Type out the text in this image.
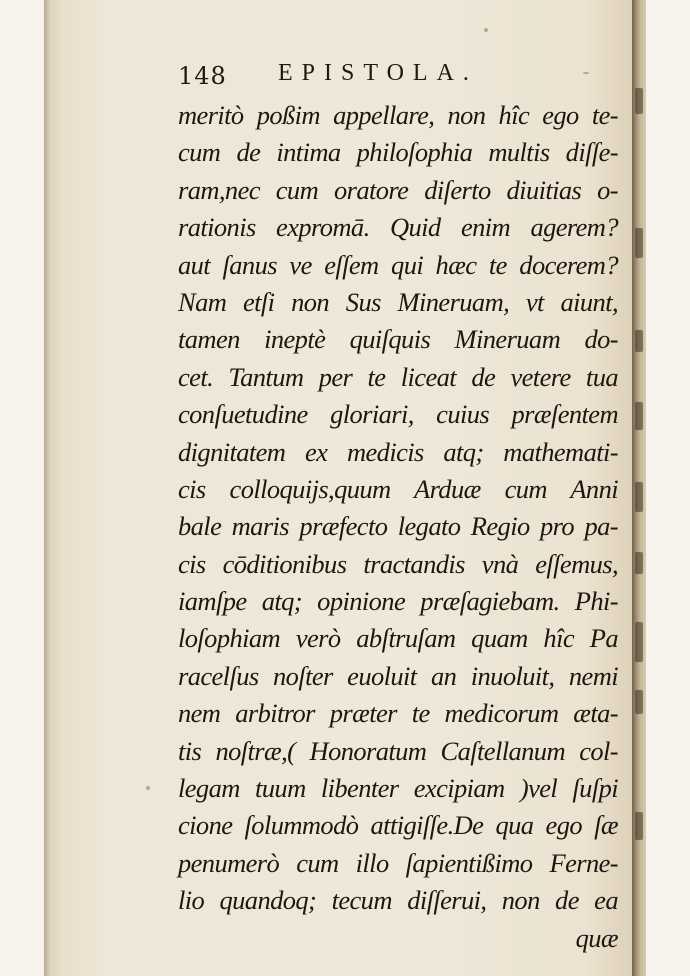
148 EPISTOLA.
meritò poßim appellare, non hîc ego te-
cum de intima philoſophia multis diſſe-
ram,nec cum oratore diſerto diuitias o-
rationis expromā. Quid enim agerem?
aut ſanus ve eſſem qui hæc te docerem?
Nam etſi non Sus Mineruam, vt aiunt,
tamen ineptè quiſquis Mineruam do-
cet. Tantum per te liceat de vetere tua
conſuetudine gloriari, cuius præſentem
dignitatem ex medicis atq; mathemati-
cis colloquijs,quum Arduæ cum Anni
bale maris præfecto legato Regio pro pa-
cis cōditionibus tractandis vnà eſſemus,
iamſpe atq; opinione præſagiebam. Phi-
loſophiam verò abſtruſam quam hîc Pa
racelſus noſter euoluit an inuoluit, nemi
nem arbitror præter te medicorum ætа-
tis noſtræ,( Honoratum Caſtellanum col-
legam tuum libenter excipiam )vel ſuſpi
cione ſolummodò attigiſſe.De qua ego ſæ
penumerò cum illo ſapientißimo Ferne-
lio quandoq; tecum diſſerui, non de ea
quæ
